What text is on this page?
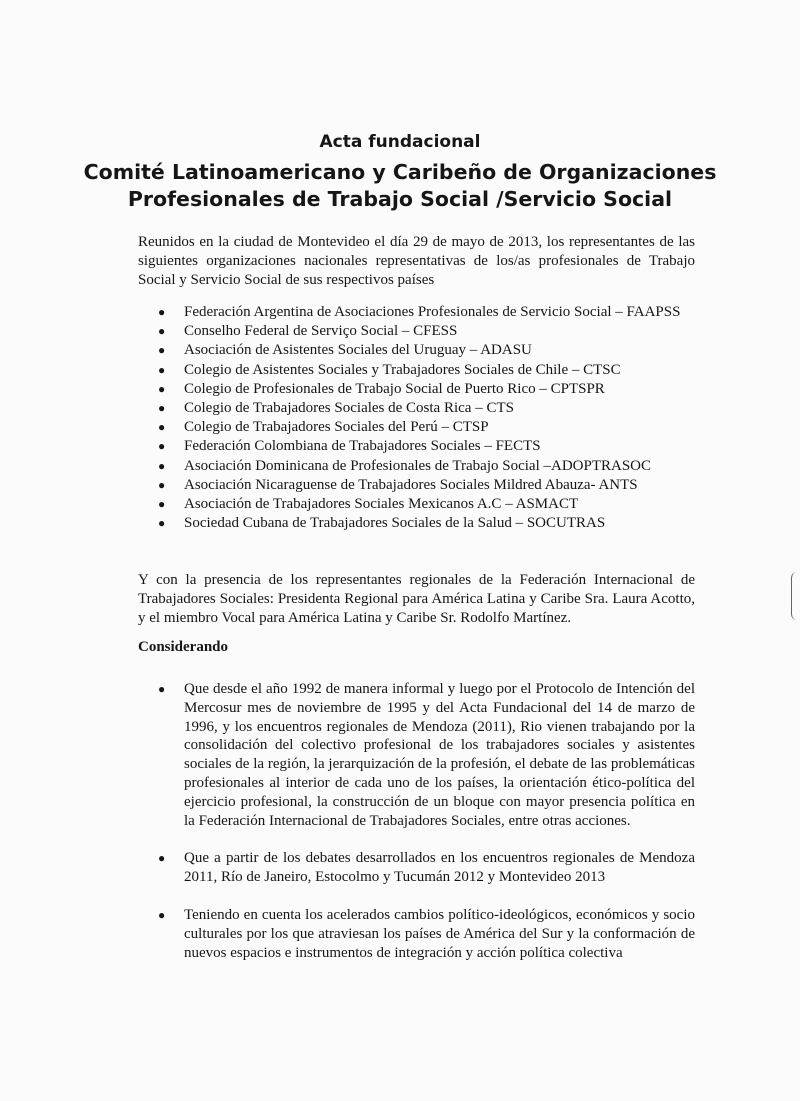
Acta fundacional
Comité Latinoamericano y Caribeño de Organizaciones
Profesionales de Trabajo Social /Servicio Social

Reunidos en la ciudad de Montevideo el día 29 de mayo de 2013, los representantes de las siguientes organizaciones nacionales representativas de los/as profesionales de Trabajo Social y Servicio Social de sus respectivos países

● Federación Argentina de Asociaciones Profesionales de Servicio Social – FAAPSS
● Conselho Federal de Serviço Social – CFESS
● Asociación de Asistentes Sociales del Uruguay – ADASU
● Colegio de Asistentes Sociales y Trabajadores Sociales de Chile – CTSC
● Colegio de Profesionales de Trabajo Social de Puerto Rico – CPTSPR
● Colegio de Trabajadores Sociales de Costa Rica – CTS
● Colegio de Trabajadores Sociales del Perú – CTSP
● Federación Colombiana de Trabajadores Sociales – FECTS
● Asociación Dominicana de Profesionales de Trabajo Social –ADOPTRASOC
● Asociación Nicaraguense de Trabajadores Sociales Mildred Abauza- ANTS
● Asociación de Trabajadores Sociales Mexicanos A.C – ASMACT
● Sociedad Cubana de Trabajadores Sociales de la Salud – SOCUTRAS

Y con la presencia de los representantes regionales de la Federación Internacional de Trabajadores Sociales: Presidenta Regional para América Latina y Caribe Sra. Laura Acotto, y el miembro Vocal para América Latina y Caribe Sr. Rodolfo Martínez.

Considerando
● Que desde el año 1992 de manera informal y luego por el Protocolo de Intención del Mercosur mes de noviembre de 1995 y del Acta Fundacional del 14 de marzo de 1996, y los encuentros regionales de Mendoza (2011), Rio vienen trabajando por la consolidación del colectivo profesional de los trabajadores sociales y asistentes sociales de la región, la jerarquización de la profesión, el debate de las problemáticas profesionales al interior de cada uno de los países, la orientación ético-política del ejercicio profesional, la construcción de un bloque con mayor presencia política en la Federación Internacional de Trabajadores Sociales, entre otras acciones.
● Que a partir de los debates desarrollados en los encuentros regionales de Mendoza 2011, Río de Janeiro, Estocolmo y Tucumán 2012 y Montevideo 2013
● Teniendo en cuenta los acelerados cambios político-ideológicos, económicos y socio culturales por los que atraviesan los países de América del Sur y la conformación de nuevos espacios e instrumentos de integración y acción política colectiva
